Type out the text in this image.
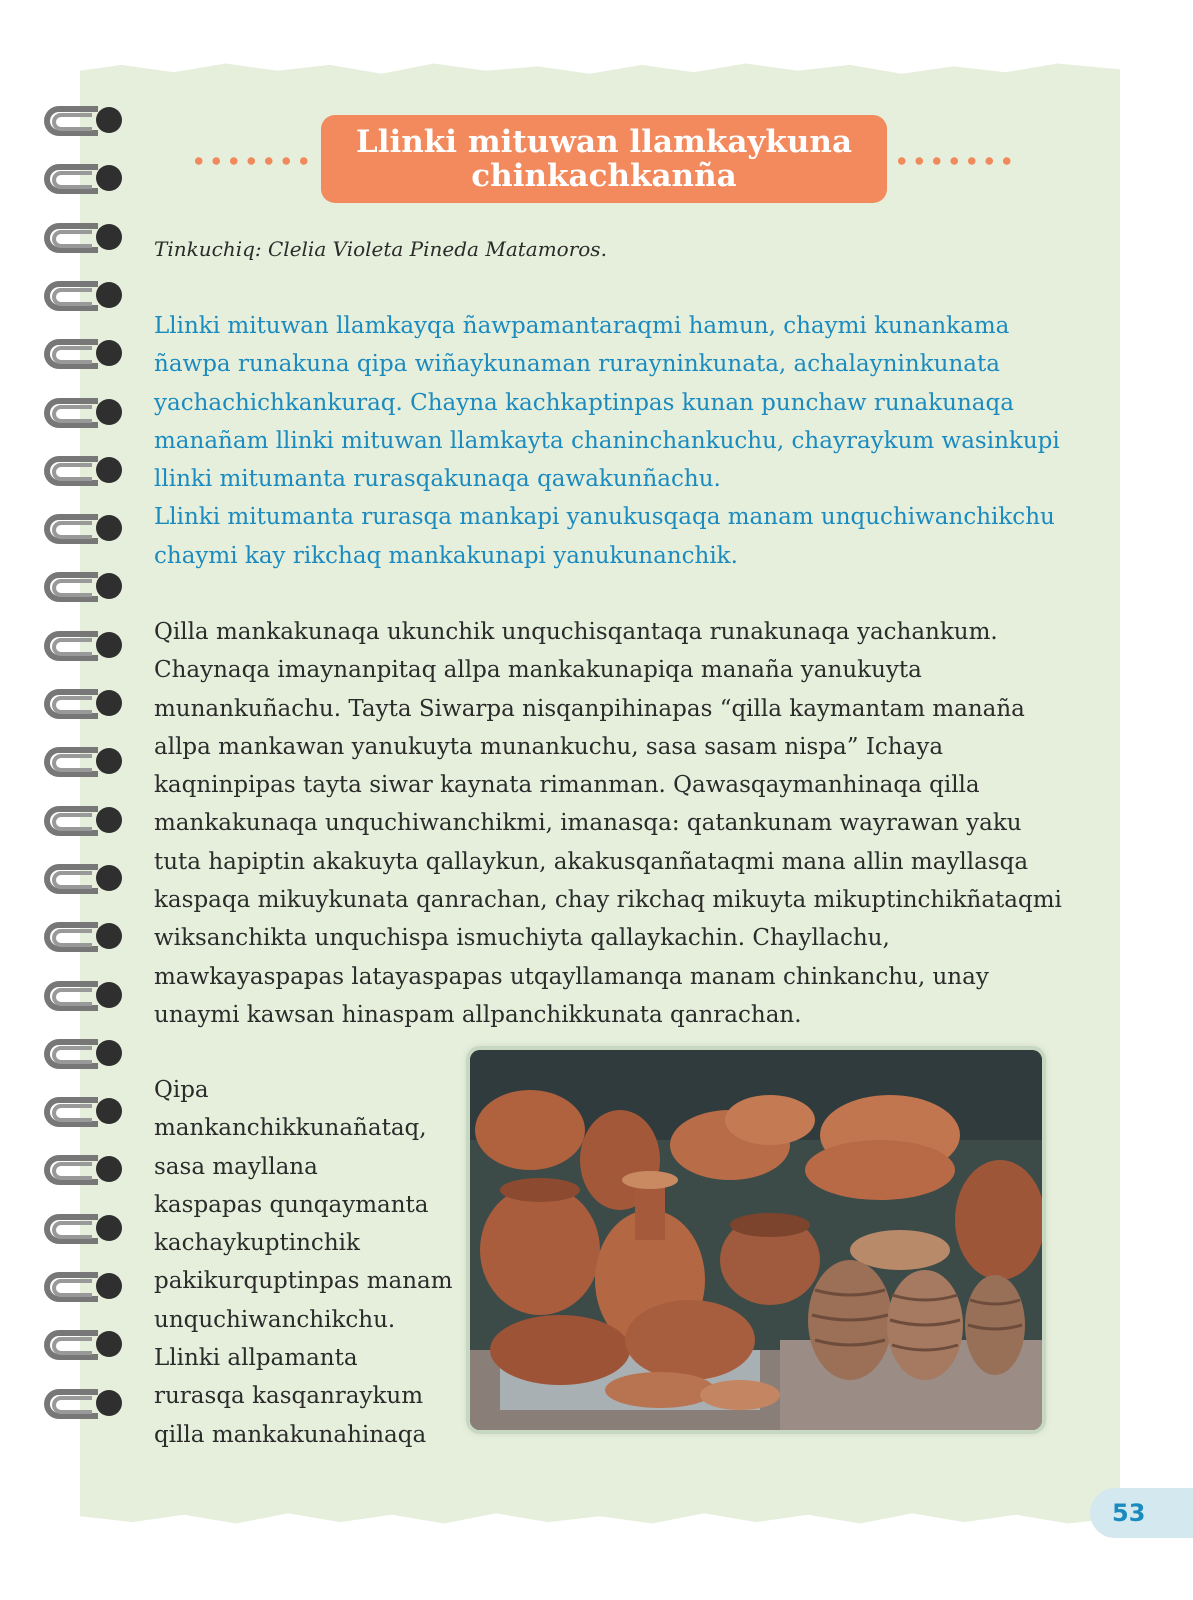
Llinki mituwan llamkaykuna
chinkachkanña
Tinkuchiq: Clelia Violeta Pineda Matamoros.

Llinki mituwan llamkayqa ñawpamantaraqmi hamun, chaymi kunankama ñawpa runakuna qipa wiñaykunaman rurayninkunata, achalayninkunata yachachichkankuraq. Chayna kachkaptinpas kunan punchaw runakunaqa manañam llinki mituwan llamkayta chaninchankuchu, chayraykum wasinkupi llinki mitumanta rurasqakunaqa qawakunñachu.

Llinki mitumanta rurasqa mankapi yanukusqaqa manam unquchiwanchikchu chaymi kay rikchaq mankakunapi yanukunanchik.

Qilla mankakunaqa ukunchik unquchisqantaqa runakunaqa yachankum. Chaynaqa imaynanpitaq allpa mankakunapiqa manaña yanukuyta munankuñachu. Tayta Siwarpa nisqanpihinapas “qilla kaymantam manaña allpa mankawan yanukuyta munankuchu, sasa sasam nispa” Ichaya kaqninpipas tayta siwar kaynata rimanman. Qawasqaymanhinaqa qilla mankakunaqa unquchiwanchikmi, imanasqa: qatankunam wayrawan yaku tuta hapiptin akakuyta qallaykun, akakusqanñataqmi mana allin mayllasqa kaspaqa mikuykunata qanrachan, chay rikchaq mikuyta mikuptinchikñataqmi wiksanchikta unquchispa ismuchiyta qallaykachin. Chayllachu, mawkayaspapas latayaspapas utqayllamanqa manam chinkanchu, unay unaymi kawsan hinaspam allpanchikkunata qanrachan.

Qipa
mankanchikkunañataq,
sasa mayllana
kaspapas qunqaymanta
kachaykuptinchik
pakikurquptinpas manam
unquchiwanchikchu.
Llinki allpamanta
rurasqa kasqanraykum
qilla mankakunahinaqa
53
